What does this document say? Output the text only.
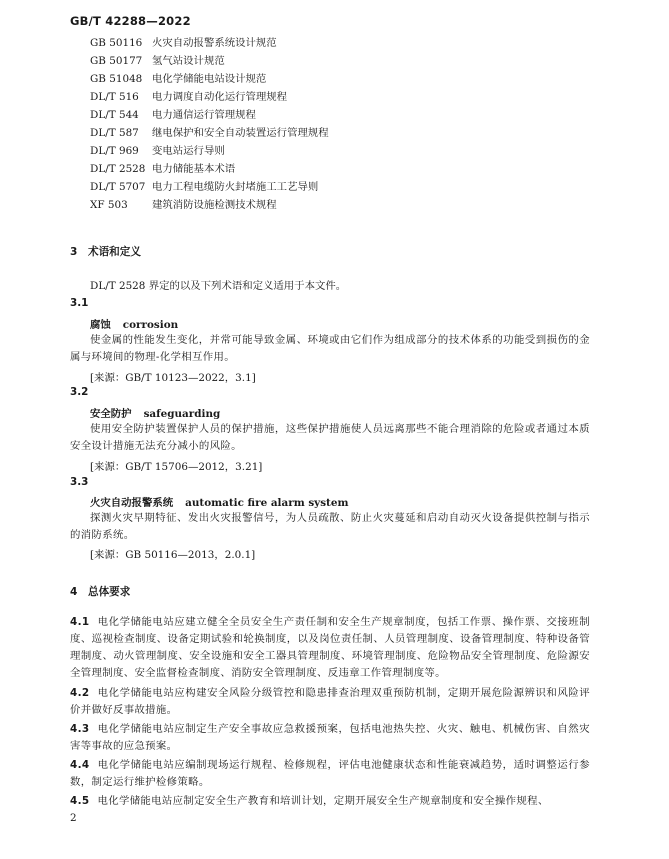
GB/T 42288—2022
GB 50116 火灾自动报警系统设计规范
GB 50177 氢气站设计规范
GB 51048 电化学储能电站设计规范
DL/T 516 电力调度自动化运行管理规程
DL/T 544 电力通信运行管理规程
DL/T 587 继电保护和安全自动装置运行管理规程
DL/T 969 变电站运行导则
DL/T 2528 电力储能基本术语
DL/T 5707 电力工程电缆防火封堵施工工艺导则
XF 503 建筑消防设施检测技术规程
3 术语和定义
DL/T 2528 界定的以及下列术语和定义适用于本文件。
3.1
腐蚀 corrosion
使金属的性能发生变化，并常可能导致金属、环境或由它们作为组成部分的技术体系的功能受到损伤的金属与环境间的物理-化学相互作用。
[来源：GB/T 10123—2022，3.1]
3.2
安全防护 safeguarding
使用安全防护装置保护人员的保护措施，这些保护措施使人员远离那些不能合理消除的危险或者通过本质安全设计措施无法充分减小的风险。
[来源：GB/T 15706—2012，3.21]
3.3
火灾自动报警系统 automatic fire alarm system
探测火灾早期特征、发出火灾报警信号，为人员疏散、防止火灾蔓延和启动自动灭火设备提供控制与指示的消防系统。
[来源：GB 50116—2013，2.0.1]
4 总体要求
4.1 电化学储能电站应建立健全全员安全生产责任制和安全生产规章制度，包括工作票、操作票、交接班制度、巡视检查制度、设备定期试验和轮换制度，以及岗位责任制、人员管理制度、设备管理制度、特种设备管理制度、动火管理制度、安全设施和安全工器具管理制度、环境管理制度、危险物品安全管理制度、危险源安全管理制度、安全监督检查制度、消防安全管理制度、反违章工作管理制度等。
4.2 电化学储能电站应构建安全风险分级管控和隐患排查治理双重预防机制，定期开展危险源辨识和风险评价并做好反事故措施。
4.3 电化学储能电站应制定生产安全事故应急救援预案，包括电池热失控、火灾、触电、机械伤害、自然灾害等事故的应急预案。
4.4 电化学储能电站应编制现场运行规程、检修规程，评估电池健康状态和性能衰减趋势，适时调整运行参数，制定运行维护检修策略。
4.5 电化学储能电站应制定安全生产教育和培训计划，定期开展安全生产规章制度和安全操作规程、
2
